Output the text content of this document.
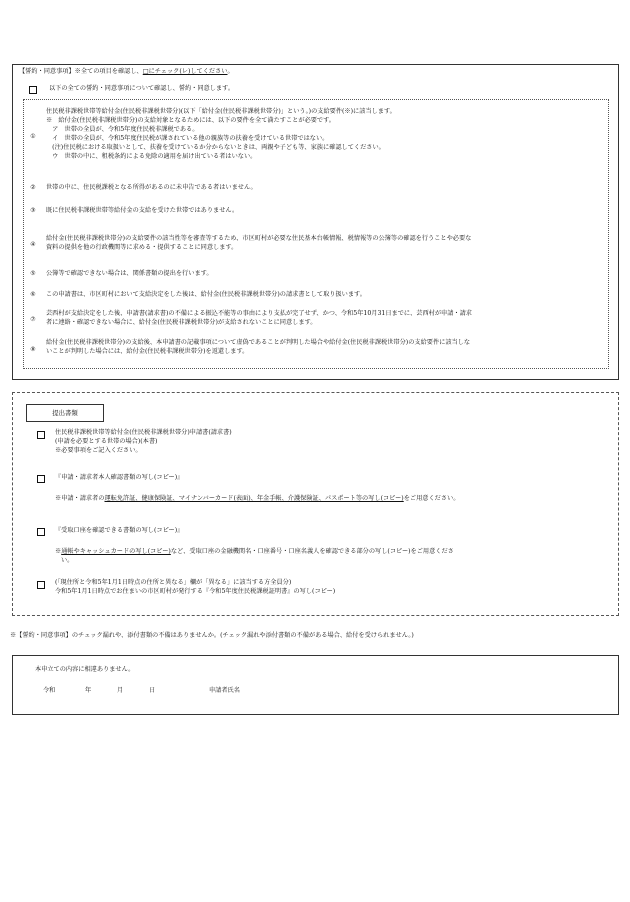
【誓約・同意事項】※全ての項目を確認し、□にチェック(レ)してください。
以下の全ての誓約・同意事項について確認し、誓約・同意します。
①
住民税非課税世帯等給付金(住民税非課税世帯分)(以下「給付金(住民税非課税世帯分)」という。)の支給要件(※)に該当します。
※　給付金(住民税非課税世帯分)の支給対象となるためには、以下の要件を全て満たすことが必要です。
　ア　世帯の全員が、令和5年度住民税非課税である。
　イ　世帯の全員が、令和5年度住民税が課されている他の親族等の扶養を受けている世帯ではない。
　(注)住民税における取扱いとして、扶養を受けているか分からないときは、両親や子ども等、家族に確認してください。
　ウ　世帯の中に、租税条約による免除の適用を届け出ている者はいない。
②	世帯の中に、住民税課税となる所得があるのに未申告である者はいません。
③	既に住民税非課税世帯等給付金の支給を受けた世帯ではありません。
④
給付金(住民税非課税世帯分)の支給要件の該当性等を審査等するため、市区町村が必要な住民基本台帳情報、税情報等の公簿等の確認を行うことや必要な
資料の提供を他の行政機関等に求める・提供することに同意します。
⑤	公簿等で確認できない場合は、関係書類の提出を行います。
⑥	この申請書は、市区町村において支給決定をした後は、給付金(住民税非課税世帯分)の請求書として取り扱います。
⑦
芸西村が支給決定をした後、申請書(請求書)の不備による振込不能等の事由により支払が完了せず、かつ、令和5年10月31日までに、芸西村が申請・請求
者に連絡・確認できない場合に、給付金(住民税非課税世帯分)が支給されないことに同意します。
⑧
給付金(住民税非課税世帯分)の支給後、本申請書の記載事項について虚偽であることが判明した場合や給付金(住民税非課税世帯分)の支給要件に該当しな
いことが判明した場合には、給付金(住民税非課税世帯分)を返還します。
提出書類
住民税非課税世帯等給付金(住民税非課税世帯分)申請書(請求書)
(申請を必要とする世帯の場合)(本書)
※必要事項をご記入ください。
『申請・請求者本人確認書類の写し(コピー)』
※申請・請求者の運転免許証、健康保険証、マイナンバーカード(表面)、年金手帳、介護保険証、パスポート等の写し(コピー)をご用意ください。
『受取口座を確認できる書類の写し(コピー)』
※通帳やキャッシュカードの写し(コピー)など、受取口座の金融機関名・口座番号・口座名義人を確認できる部分の写し(コピー)をご用意くださ
い。
(「現住所と令和5年1月1日時点の住所と異なる」欄が「異なる」に該当する方全員分)
令和5年1月1日時点でお住まいの市区町村が発行する『令和5年度住民税課税証明書』の写し(コピー)
※【誓約・同意事項】のチェック漏れや、添付書類の不備はありませんか。(チェック漏れや添付書類の不備がある場合、給付を受けられません。)
本申立ての内容に相違ありません。
令和	年	月	日	申請者氏名
